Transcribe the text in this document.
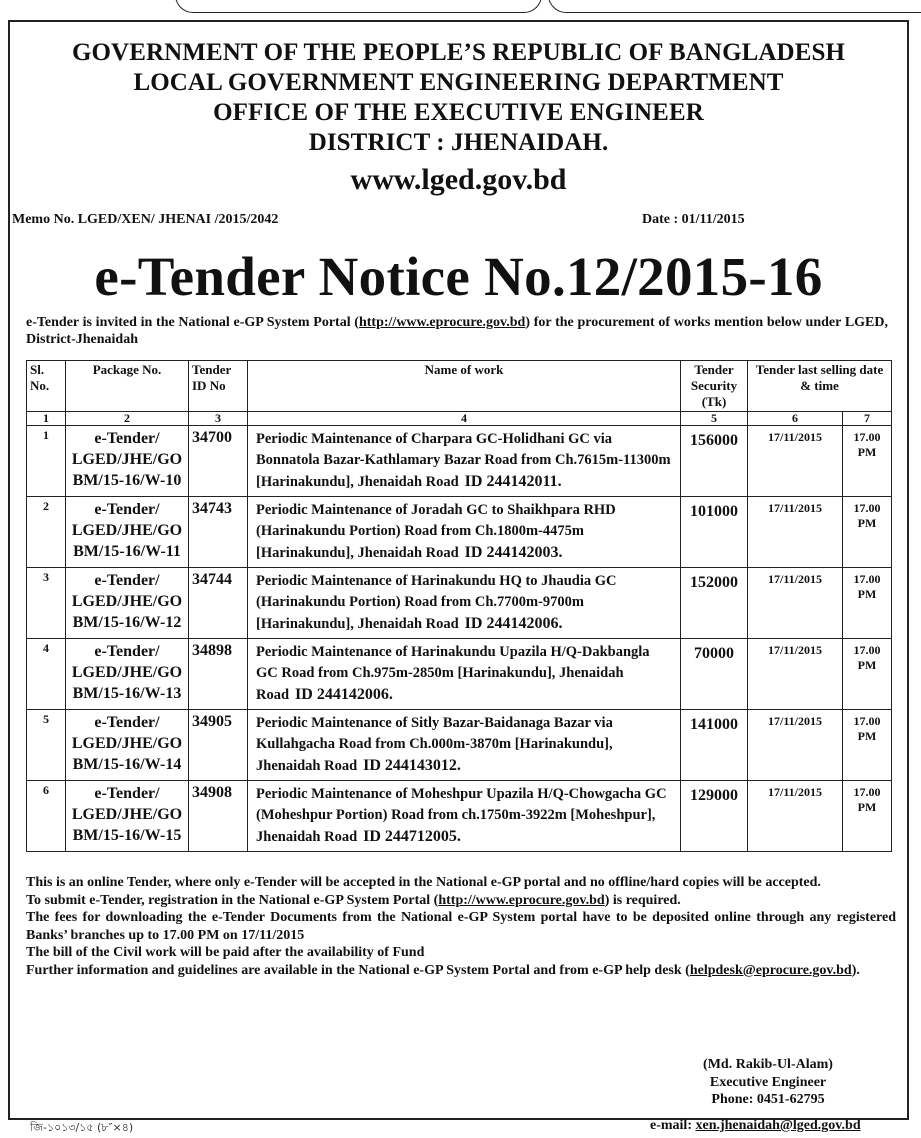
GOVERNMENT OF THE PEOPLE’S REPUBLIC OF BANGLADESH
LOCAL GOVERNMENT ENGINEERING DEPARTMENT
OFFICE OF THE EXECUTIVE ENGINEER
DISTRICT : JHENAIDAH.
www.lged.gov.bd
Memo No. LGED/XEN/ JHENAI /2015/2042	Date : 01/11/2015
e-Tender Notice No.12/2015-16
e-Tender is invited in the National e-GP System Portal (http://www.eprocure.gov.bd) for the procurement of works mention below under LGED, District-Jhenaidah
Sl. No.	Package No.	Tender ID No	Name of work	Tender Security (Tk)	Tender last selling date & time	
1	2	3	4	5	6	7
1	e-Tender/
LGED/JHE/GO
BM/15-16/W-10	34700	Periodic Maintenance of Charpara GC-Holidhani GC via Bonnatola Bazar-Kathlamary Bazar Road from Ch.7615m-11300m [Harinakundu], Jhenaidah Road ID 244142011.	156000	17/11/2015	17.00 PM
2	e-Tender/
LGED/JHE/GO
BM/15-16/W-11	34743	Periodic Maintenance of Joradah GC to Shaikhpara RHD (Harinakundu Portion) Road from Ch.1800m-4475m [Harinakundu], Jhenaidah Road ID 244142003.	101000	17/11/2015	17.00 PM
3	e-Tender/
LGED/JHE/GO
BM/15-16/W-12	34744	Periodic Maintenance of Harinakundu HQ to Jhaudia GC (Harinakundu Portion) Road from Ch.7700m-9700m [Harinakundu], Jhenaidah Road ID 244142006.	152000	17/11/2015	17.00 PM
4	e-Tender/
LGED/JHE/GO
BM/15-16/W-13	34898	Periodic Maintenance of Harinakundu Upazila H/Q-Dakbangla GC Road from Ch.975m-2850m [Harinakundu], Jhenaidah Road ID 244142006.	70000	17/11/2015	17.00 PM
5	e-Tender/
LGED/JHE/GO
BM/15-16/W-14	34905	Periodic Maintenance of Sitly Bazar-Baidanaga Bazar via Kullahgacha Road from Ch.000m-3870m [Harinakundu], Jhenaidah Road ID 244143012.	141000	17/11/2015	17.00 PM
6	e-Tender/
LGED/JHE/GO
BM/15-16/W-15	34908	Periodic Maintenance of Moheshpur Upazila H/Q-Chowgacha GC (Moheshpur Portion) Road from ch.1750m-3922m [Moheshpur], Jhenaidah Road ID 244712005.	129000	17/11/2015	17.00 PM

This is an online Tender, where only e-Tender will be accepted in the National e-GP portal and no offline/hard copies will be accepted.

To submit e-Tender, registration in the National e-GP System Portal (http://www.eprocure.gov.bd) is required.

The fees for downloading the e-Tender Documents from the National e-GP System portal have to be deposited online through any registered Banks’ branches up to 17.00 PM on 17/11/2015

The bill of the Civil work will be paid after the availability of Fund

Further information and guidelines are available in the National e-GP System Portal and from e-GP help desk (helpdesk@eprocure.gov.bd).

(Md. Rakib-Ul-Alam)
Executive Engineer
Phone: 0451-62795
e-mail: xen.jhenaidah@lged.gov.bd
জি-১০১৩/১৫ (৮″×৪)
